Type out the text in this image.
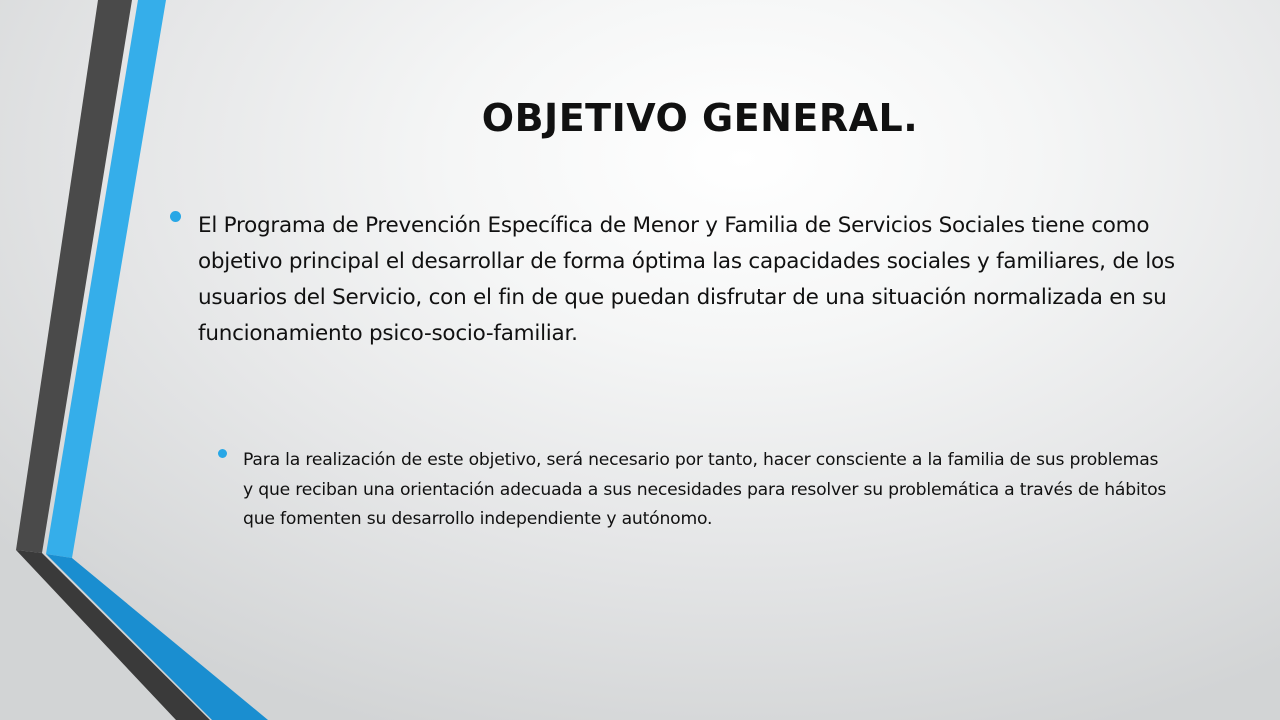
OBJETIVO GENERAL.
El Programa de Prevención Específica de Menor y Familia de Servicios Sociales tiene como objetivo principal el desarrollar de forma óptima las capacidades sociales y familiares, de los usuarios del Servicio, con el fin de que puedan disfrutar de una situación normalizada en su funcionamiento psico-socio-familiar.
Para la realización de este objetivo, será necesario por tanto, hacer consciente a la familia de sus problemas y que reciban una orientación adecuada a sus necesidades para resolver su problemática a través de hábitos que fomenten su desarrollo independiente y autónomo.
